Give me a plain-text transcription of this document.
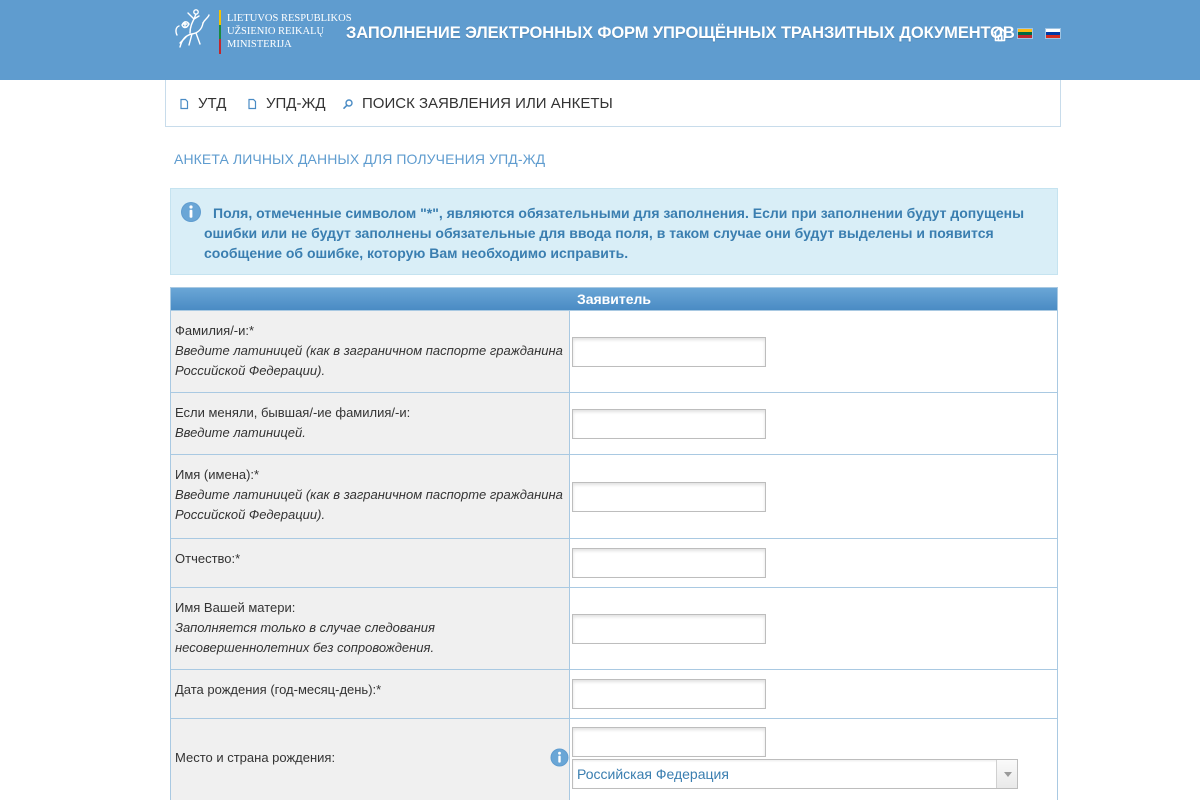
LIETUVOS RESPUBLIKOS
UŽSIENIO REIKALŲ
MINISTERIJA
ЗАПОЛНЕНИЕ ЭЛЕКТРОННЫХ ФОРМ УПРОЩЁННЫХ ТРАНЗИТНЫХ ДОКУМЕНТОВ
УТД	УПД-ЖД ПОИСК ЗАЯВЛЕНИЯ ИЛИ АНКЕТЫ
АНКЕТА ЛИЧНЫХ ДАННЫХ ДЛЯ ПОЛУЧЕНИЯ УПД-ЖД
Поля, отмеченные символом "*", являются обязательными для заполнения. Если при заполнении будут допущены ошибки или не будут заполнены обязательные для ввода поля, в таком случае они будут выделены и появится сообщение об ошибке, которую Вам необходимо исправить.
Заявитель
Фамилия/-и:*
Введите латиницей (как в заграничном паспорте гражданина Российской Федерации).
Если меняли, бывшая/-ие фамилия/-и:
Введите латиницей.
Имя (имена):*
Введите латиницей (как в заграничном паспорте гражданина Российской Федерации).
Отчество:*
Имя Вашей матери:
Заполняется только в случае следования несовершеннолетних без сопровождения.
Дата рождения (год-месяц-день):*
Место и страна рождения:
Российская Федерация
